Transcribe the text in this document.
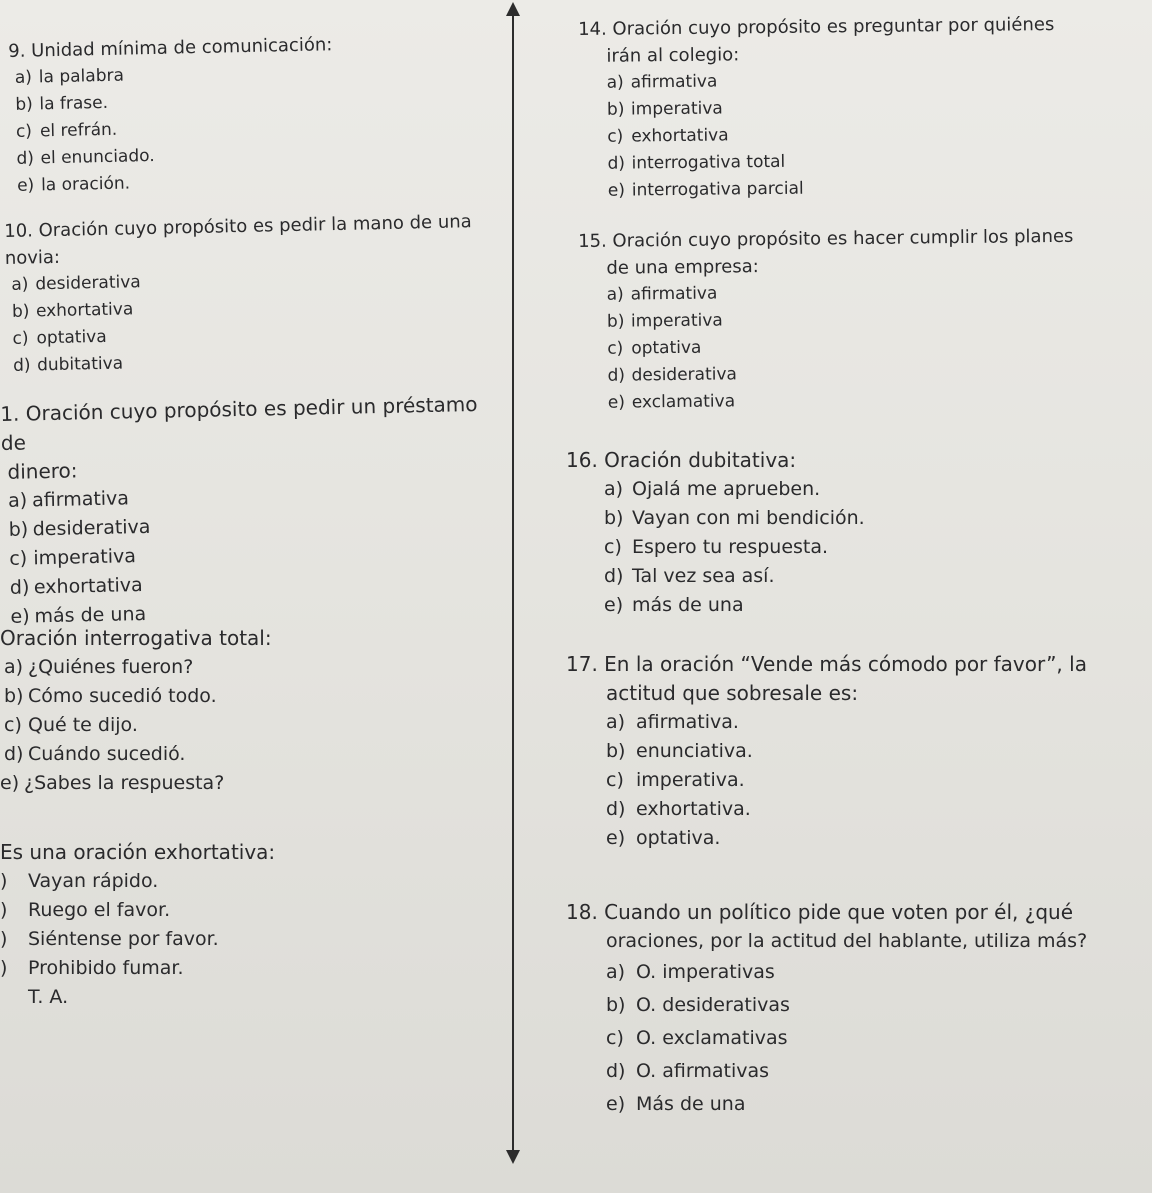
9. Unidad mínima de comunicación:

a) la palabra

b) la frase.

c) el refrán.

d) el enunciado.

e) la oración.

10. Oración cuyo propósito es pedir la mano de una

novia:

a) desiderativa

b) exhortativa

c) optativa

d) dubitativa

1. Oración cuyo propósito es pedir un préstamo de

dinero:

a) afirmativa

b) desiderativa

c) imperativa

d) exhortativa

e) más de una

Oración interrogativa total:

a) ¿Quiénes fueron?

b) Cómo sucedió todo.

c) Qué te dijo.

d) Cuándo sucedió.

e) ¿Sabes la respuesta?

Es una oración exhortativa:

) Vayan rápido.

) Ruego el favor.

) Siéntense por favor.

) Prohibido fumar.

T. A.

14. Oración cuyo propósito es preguntar por quiénes

irán al colegio:

a) afirmativa

b) imperativa

c) exhortativa

d) interrogativa total

e) interrogativa parcial

15. Oración cuyo propósito es hacer cumplir los planes

de una empresa:

a) afirmativa

b) imperativa

c) optativa

d) desiderativa

e) exclamativa

16. Oración dubitativa:

a) Ojalá me aprueben.

b) Vayan con mi bendición.

c) Espero tu respuesta.

d) Tal vez sea así.

e) más de una

17. En la oración “Vende más cómodo por favor”, la

actitud que sobresale es:

a) afirmativa.

b) enunciativa.

c) imperativa.

d) exhortativa.

e) optativa.

18. Cuando un político pide que voten por él, ¿qué

oraciones, por la actitud del hablante, utiliza más?

a) O. imperativas

b) O. desiderativas

c) O. exclamativas

d) O. afirmativas

e) Más de una
